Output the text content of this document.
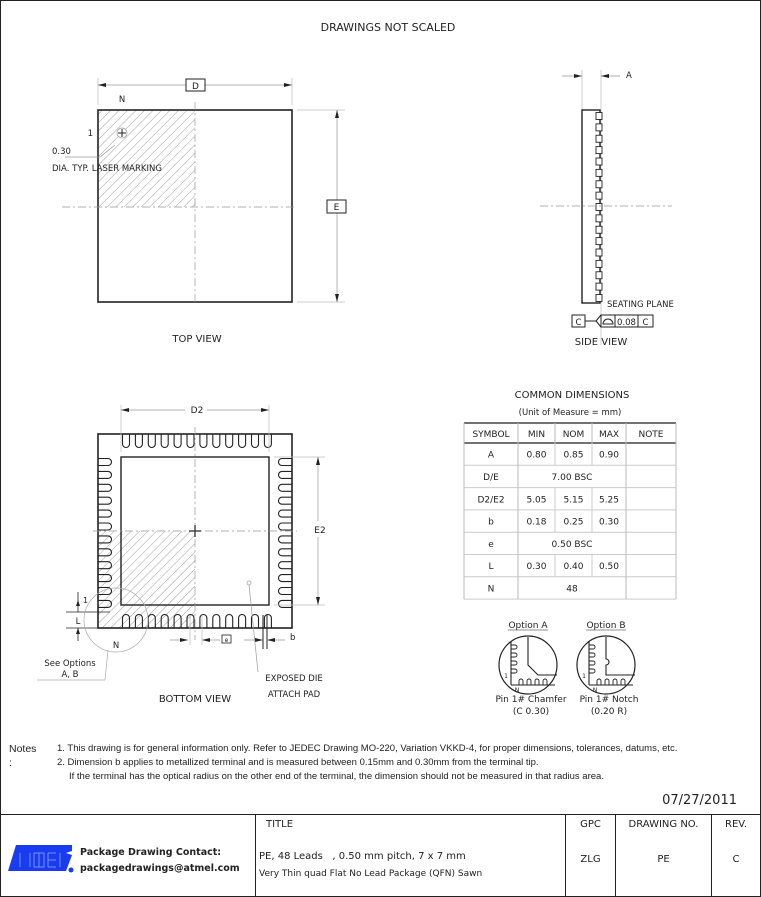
DRAWINGS NOT SCALED
D
E
N
1
0.30
DIA. TYP. LASER MARKING
TOP VIEW
A
SEATING PLANE
C	0.08 C
SIDE VIEW
D2
E2
1
L
N
See Options
A, B
e	b
EXPOSED DIE
ATTACH PAD
BOTTOM VIEW
COMMON DIMENSIONS
(Unit of Measure = mm)
SYMBOL MIN NOM MAX NOTE
A	0.80 0.85 0.90
D/E	7.00 BSC
D2/E2 5.05 5.15 5.25
b	0.18 0.25 0.30
e	0.50 BSC
L	0.30 0.40 0.50
N	48
Option A
1
N
Pin 1# Chamfer
(C 0.30)
Option B
1
N
Pin 1# Notch
(0.20 R)
Notes :
1. This drawing is for general information only. Refer to JEDEC Drawing MO-220, Variation VKKD-4, for proper dimensions, tolerances, datums, etc.
2. Dimension b applies to metallized terminal and is measured between 0.15mm and 0.30mm from the terminal tip.
If the terminal has the optical radius on the other end of the terminal, the dimension should not be measured in that radius area.
07/27/2011
Package Drawing Contact:
packagedrawings@atmel.com
TITLE
PE, 48 Leads   , 0.50 mm pitch, 7 x 7 mm
Very Thin quad Flat No Lead Package (QFN) Sawn
GPC
ZLG
DRAWING NO.
PE
REV.
C
